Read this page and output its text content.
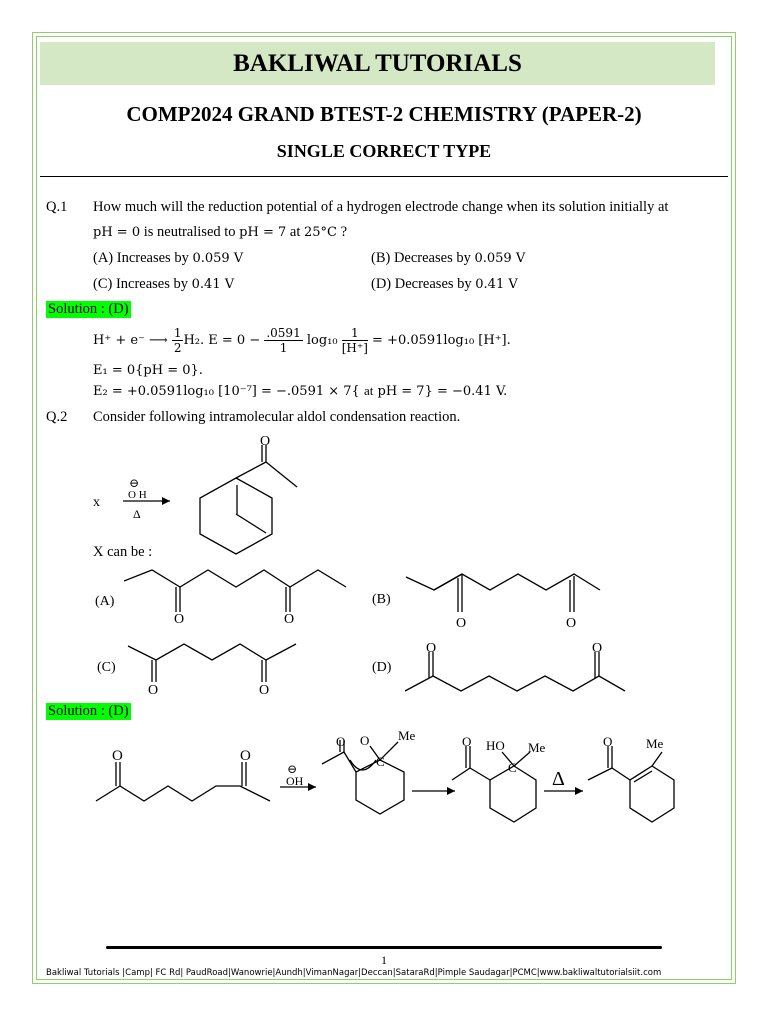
BAKLIWAL TUTORIALS
COMP2024 GRAND BTEST-2 CHEMISTRY (PAPER-2)
SINGLE CORRECT TYPE
Q.1 How much will the reduction potential of a hydrogen electrode change when its solution initially at
pH = 0 is neutralised to pH = 7 at 25°C ?
(A) Increases by 0.059 V	(B) Decreases by 0.059 V
(C) Increases by 0.41 V	(D) Decreases by 0.41 V
Solution : (D)
H⁺ + e⁻ ⟶ $\frac{1}{2} H_2$. $E = 0 - \frac{.0591}{1} \log_{10} \frac{1}{[H^+]} = +0.0591\log_{10}$ [H⁺].
E₁ = 0{pH = 0}.
E₂ = +0.0591log₁₀ [10⁻⁷] = −.0591 × 7{ at pH = 7} = −0.41 V.
Q.2 Consider following intramolecular aldol condensation reaction.
x
⊖
O H
Δ
O
X can be :
(A)
O	O
(B)
O	O
(C)
O	O
(D)
O	O
O	O
⊖
OH
O O
C
Me	O HO
C
Me
Δ
O	Me
Solution : (D)
1
Bakliwal Tutorials |Camp| FC Rd| PaudRoad|Wanowrie|Aundh|VimanNagar|Deccan|SataraRd|Pimple Saudagar|PCMC|www.bakliwaltutorialsiit.com
